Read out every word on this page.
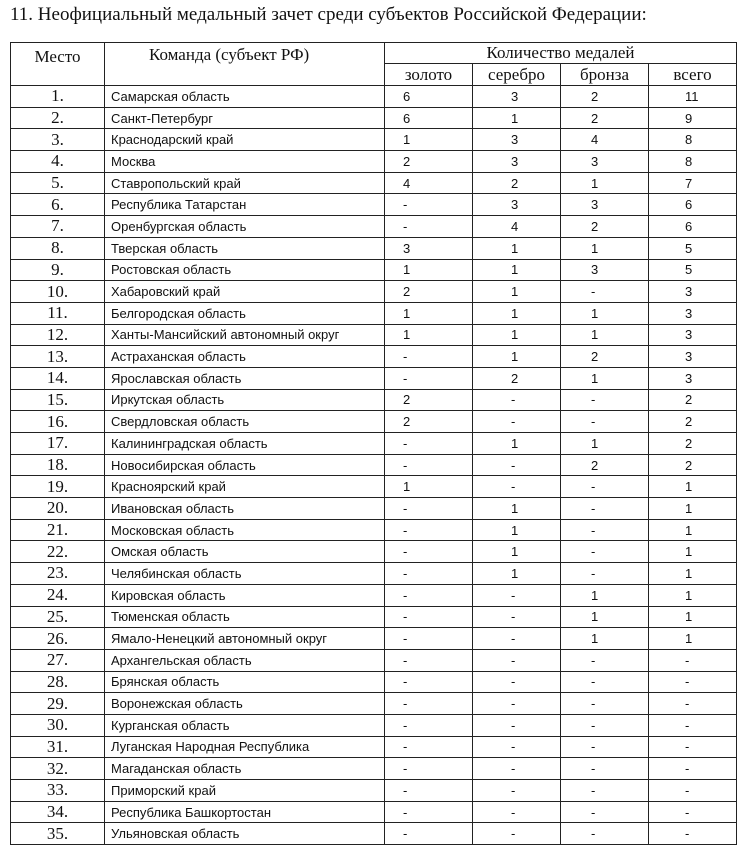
11. Неофициальный медальный зачет среди субъектов Российской Федерации:
Место	Команда (субъект РФ)	Количество медалей			
		золото	серебро	бронза	всего
1.	Самарская область	6	3	2	11
2.	Санкт-Петербург	6	1	2	9
3.	Краснодарский край	1	3	4	8
4.	Москва	2	3	3	8
5.	Ставропольский край	4	2	1	7
6.	Республика Татарстан	-	3	3	6
7.	Оренбургская область	-	4	2	6
8.	Тверская область	3	1	1	5
9.	Ростовская область	1	1	3	5
10.	Хабаровский край	2	1	-	3
11.	Белгородская область	1	1	1	3
12.	Ханты-Мансийский автономный округ	1	1	1	3
13.	Астраханская область	-	1	2	3
14.	Ярославская область	-	2	1	3
15.	Иркутская область	2	-	-	2
16.	Свердловская область	2	-	-	2
17.	Калининградская область	-	1	1	2
18.	Новосибирская область	-	-	2	2
19.	Красноярский край	1	-	-	1
20.	Ивановская область	-	1	-	1
21.	Московская область	-	1	-	1
22.	Омская область	-	1	-	1
23.	Челябинская область	-	1	-	1
24.	Кировская область	-	-	1	1
25.	Тюменская область	-	-	1	1
26.	Ямало-Ненецкий автономный округ	-	-	1	1
27.	Архангельская область	-	-	-	-
28.	Брянская область	-	-	-	-
29.	Воронежская область	-	-	-	-
30.	Курганская область	-	-	-	-
31.	Луганская Народная Республика	-	-	-	-
32.	Магаданская область	-	-	-	-
33.	Приморский край	-	-	-	-
34.	Республика Башкортостан	-	-	-	-
35.	Ульяновская область	-	-	-	-
